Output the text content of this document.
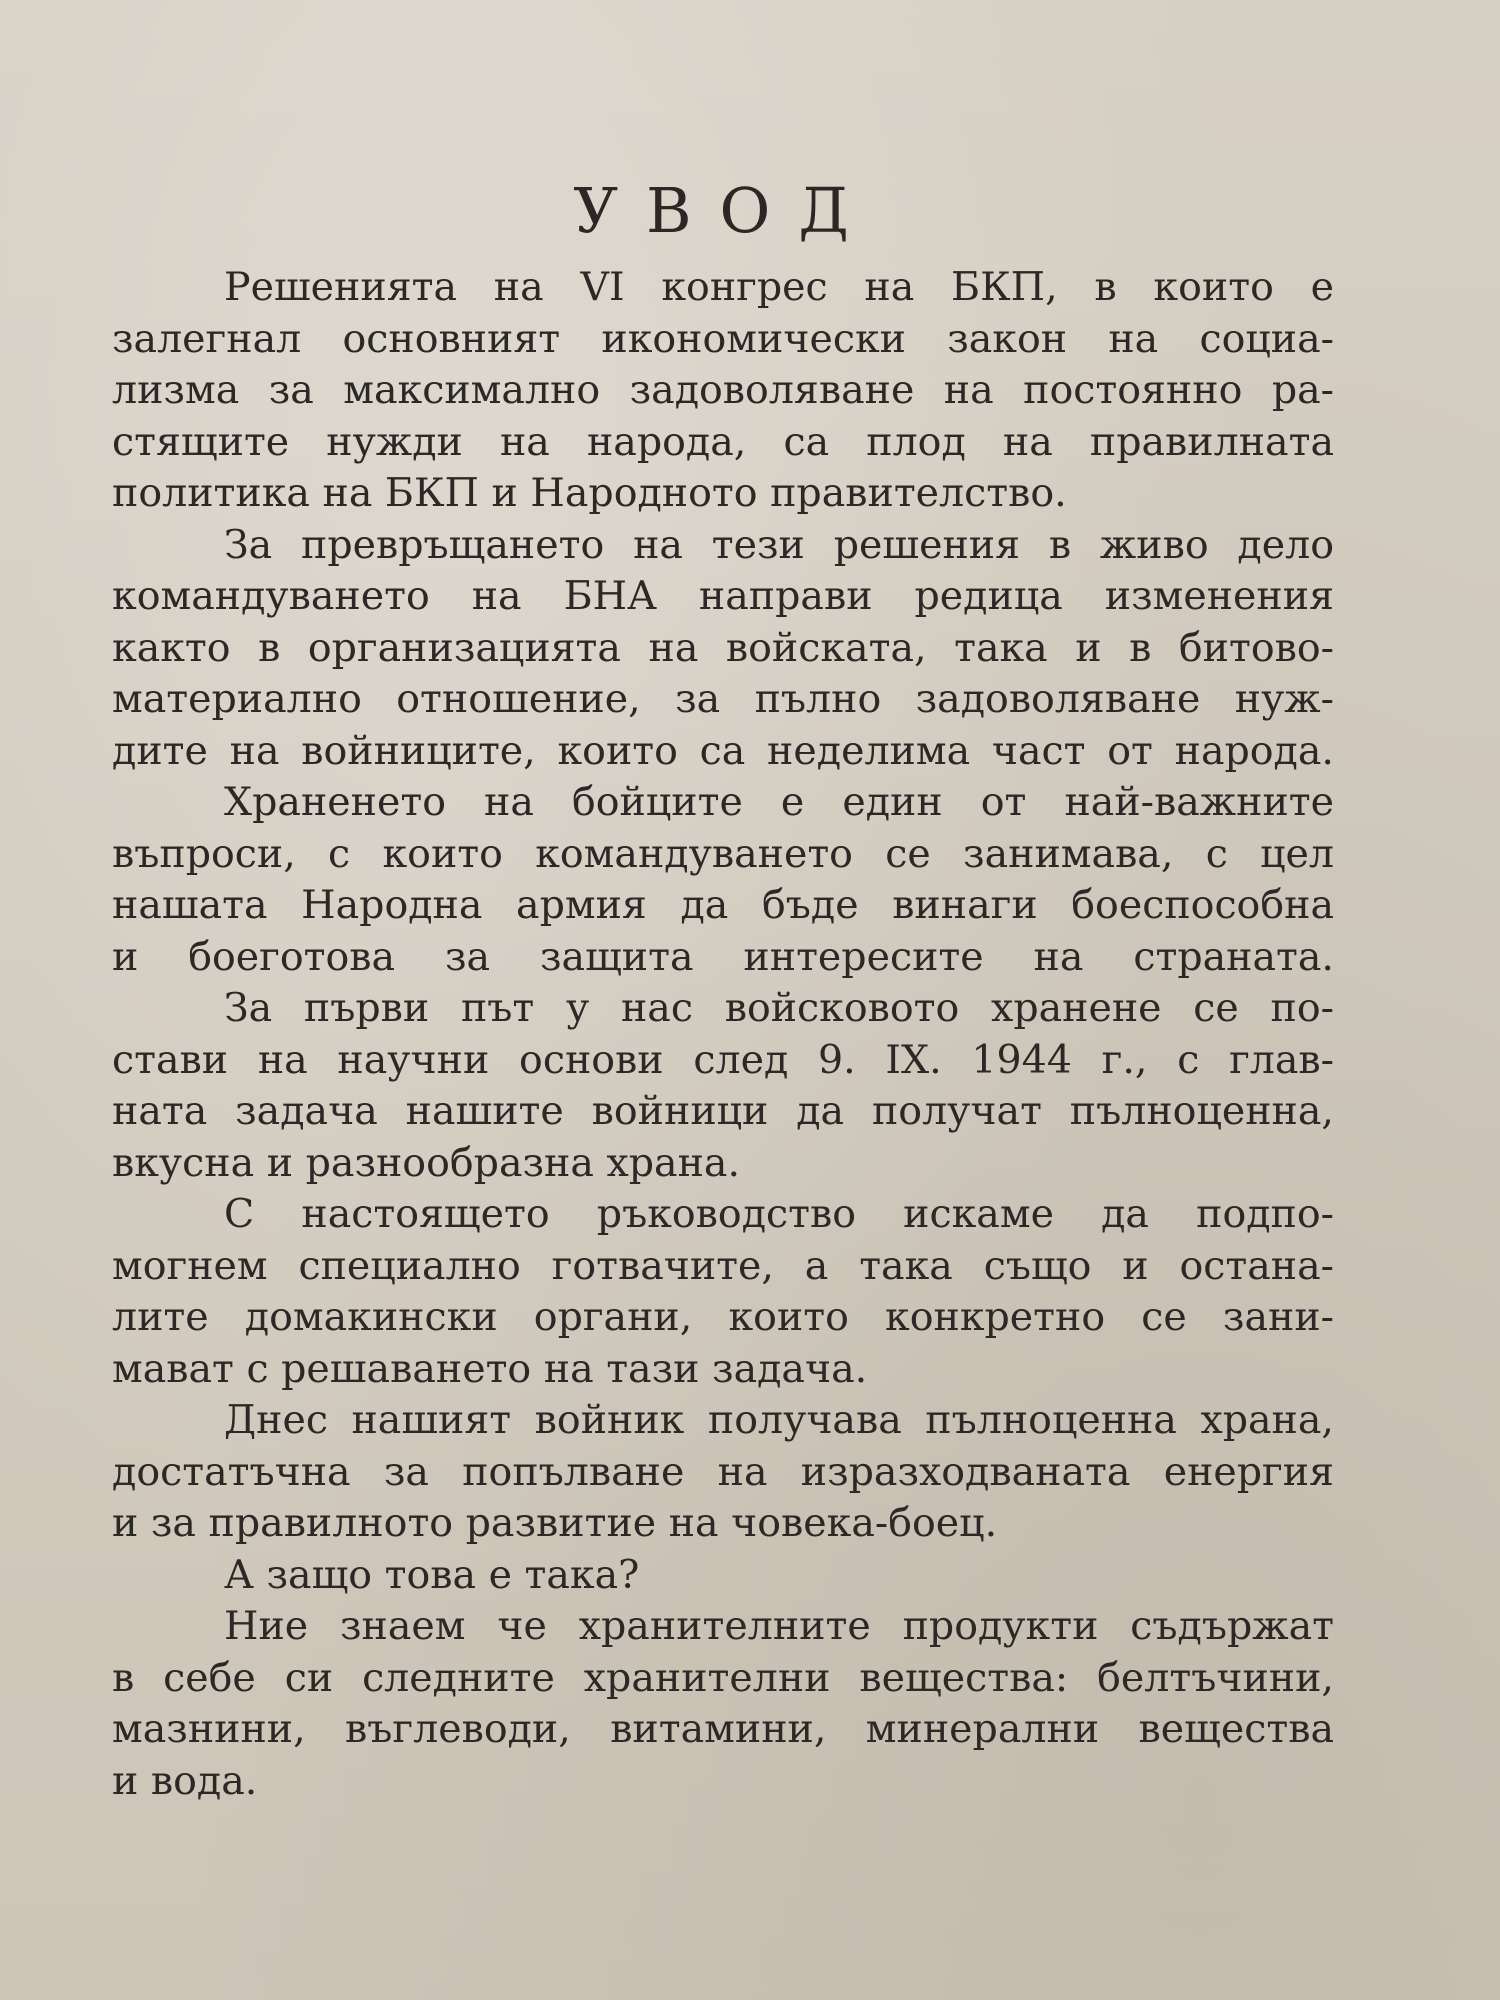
УВОД

Решенията на VI конгрес на БКП, в които е
залегнал основният икономически закон на социа-
лизма за максимално задоволяване на постоянно ра-
стящите нужди на народа, са плод на правилната
политика на БКП и Народното правителство.

За превръщането на тези решения в живо дело
командуването на БНА направи редица изменения
както в организацията на войската, така и в битово-
материално отношение, за пълно задоволяване нуж-
дите на войниците, които са неделима част от народа.

Храненето на бойците е един от най-важните
въпроси, с които командуването се занимава, с цел
нашата Народна армия да бъде винаги боеспособна
и боеготова за защита интересите на страната.

За първи път у нас войсковото хранене се по-
стави на научни основи след 9. IX. 1944 г., с глав-
ната задача нашите войници да получат пълноценна,
вкусна и разнообразна храна.

С настоящето ръководство искаме да подпо-
могнем специално готвачите, а така също и остана-
лите домакински органи, които конкретно се зани-
мават с решаването на тази задача.

Днес нашият войник получава пълноценна храна,
достатъчна за попълване на изразходваната енергия
и за правилното развитие на човека-боец.

А защо това е така?

Ние знаем че хранителните продукти съдържат
в себе си следните хранителни вещества: белтъчини,
мазнини, въглеводи, витамини, минерални вещества
и вода.
